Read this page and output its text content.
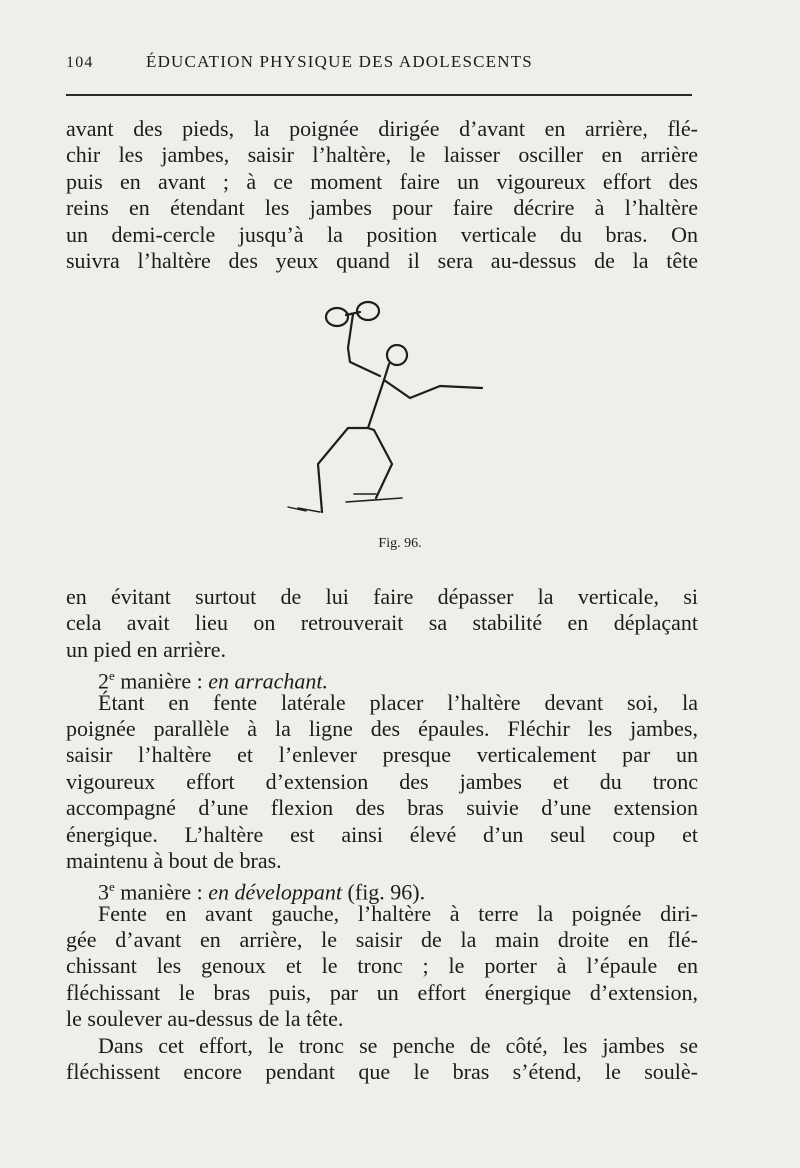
104	ÉDUCATION PHYSIQUE DES ADOLESCENTS
avant des pieds, la poignée dirigée d’avant en arrière, flé-
chir les jambes, saisir l’haltère, le laisser osciller en arrière
puis en avant ; à ce moment faire un vigoureux effort des
reins en étendant les jambes pour faire décrire à l’haltère
un demi-cercle jusqu’à la position verticale du bras. On
suivra l’haltère des yeux quand il sera au-dessus de la tête
Fig. 96.
en évitant surtout de lui faire dépasser la verticale, si
cela avait lieu on retrouverait sa stabilité en déplaçant
un pied en arrière.
2e manière : en arrachant.
Étant en fente latérale placer l’haltère devant soi, la
poignée parallèle à la ligne des épaules. Fléchir les jambes,
saisir l’haltère et l’enlever presque verticalement par un
vigoureux effort d’extension des jambes et du tronc
accompagné d’une flexion des bras suivie d’une extension
énergique. L’haltère est ainsi élevé d’un seul coup et
maintenu à bout de bras.
3e manière : en développant (fig. 96).
Fente en avant gauche, l’haltère à terre la poignée diri-
gée d’avant en arrière, le saisir de la main droite en flé-
chissant les genoux et le tronc ; le porter à l’épaule en
fléchissant le bras puis, par un effort énergique d’extension,
le soulever au-dessus de la tête.
Dans cet effort, le tronc se penche de côté, les jambes se
fléchissent encore pendant que le bras s’étend, le soulè-
